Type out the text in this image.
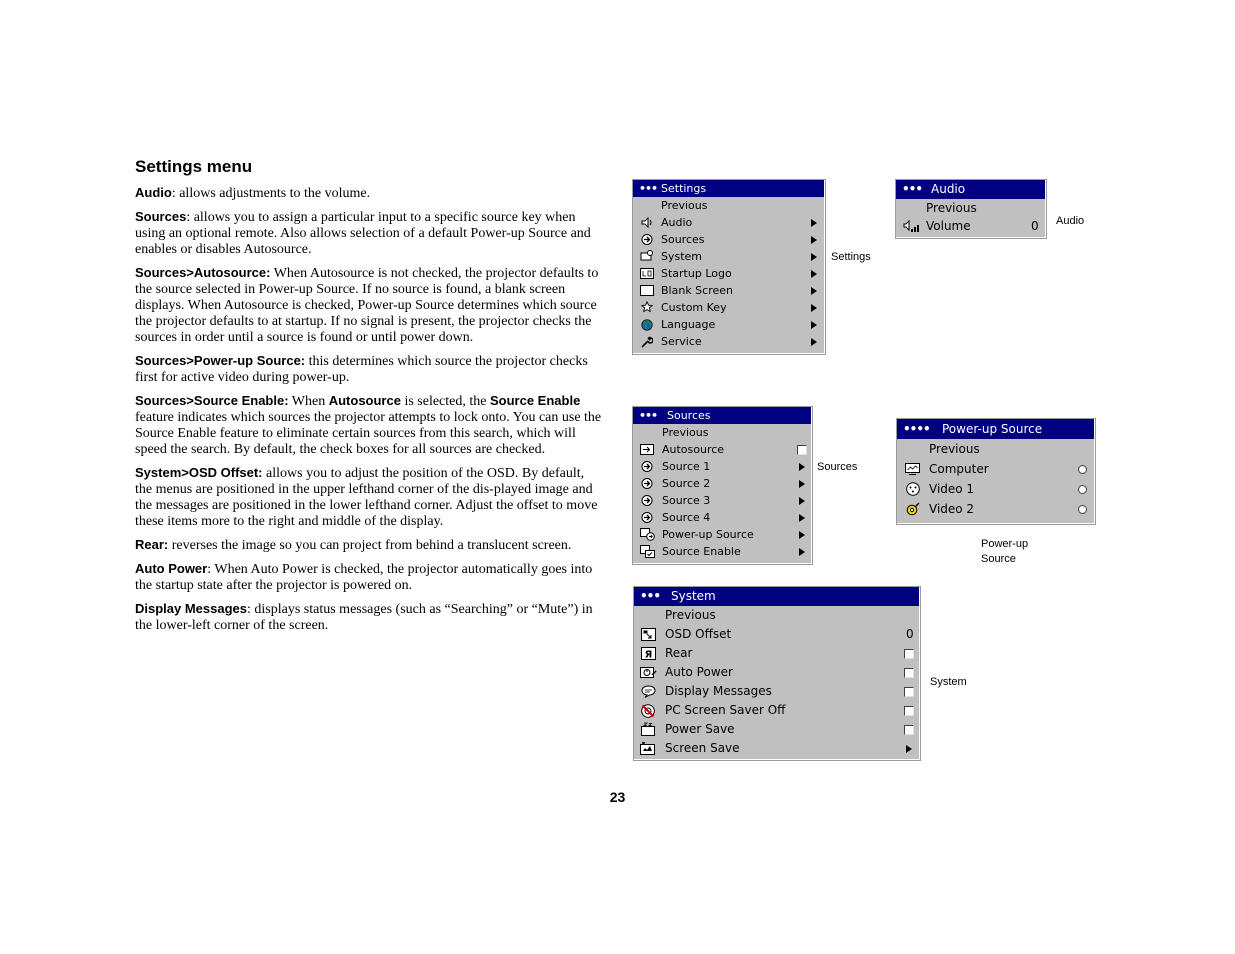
Settings menu

Audio: allows adjustments to the volume.

Sources: allows you to assign a particular input to a specific source key when using an optional remote. Also allows selection of a default Power-up Source and enables or disables Autosource.

Sources>Autosource: When Autosource is not checked, the projector defaults to the source selected in Power-up Source. If no source is found, a blank screen displays. When Autosource is checked, Power-up Source determines which source the projector defaults to at startup. If no signal is present, the projector checks the sources in order until a source is found or until power down.

Sources>Power-up Source: this determines which source the projector checks first for active video during power-up.

Sources>Source Enable: When Autosource is selected, the Source Enable feature indicates which sources the projector attempts to lock onto. You can use the Source Enable feature to eliminate certain sources from this search, which will speed the search. By default, the check boxes for all sources are checked.

System>OSD Offset: allows you to adjust the position of the OSD. By default, the menus are positioned in the upper lefthand corner of the dis-played image and the messages are positioned in the lower lefthand corner. Adjust the offset to move these items more to the right and middle of the display.

Rear: reverses the image so you can project from behind a translucent screen.

Auto Power: When Auto Power is checked, the projector automatically goes into the startup state after the projector is powered on.

Display Messages: displays status messages (such as “Searching” or “Mute”) in the lower-left corner of the screen.

••• Settings
Previous
Audio
Sources
System
Startup Logo
Blank Screen
Custom Key
Language
Service
Settings
••• Audio
Previous
Volume	0 Audio
••• Sources
Previous
Autosource
Source 1
Source 2
Source 3
Source 4
Power-up Source
Source Enable
Sources
•••• Power-up Source
Previous
Computer
Video 1
Video 2
Power-up
Source
••• System
Previous
OSD Offset	0
Я Rear
Auto Power
Display Messages
PC Screen Saver Off
Power Save
Screen Save
System
23
